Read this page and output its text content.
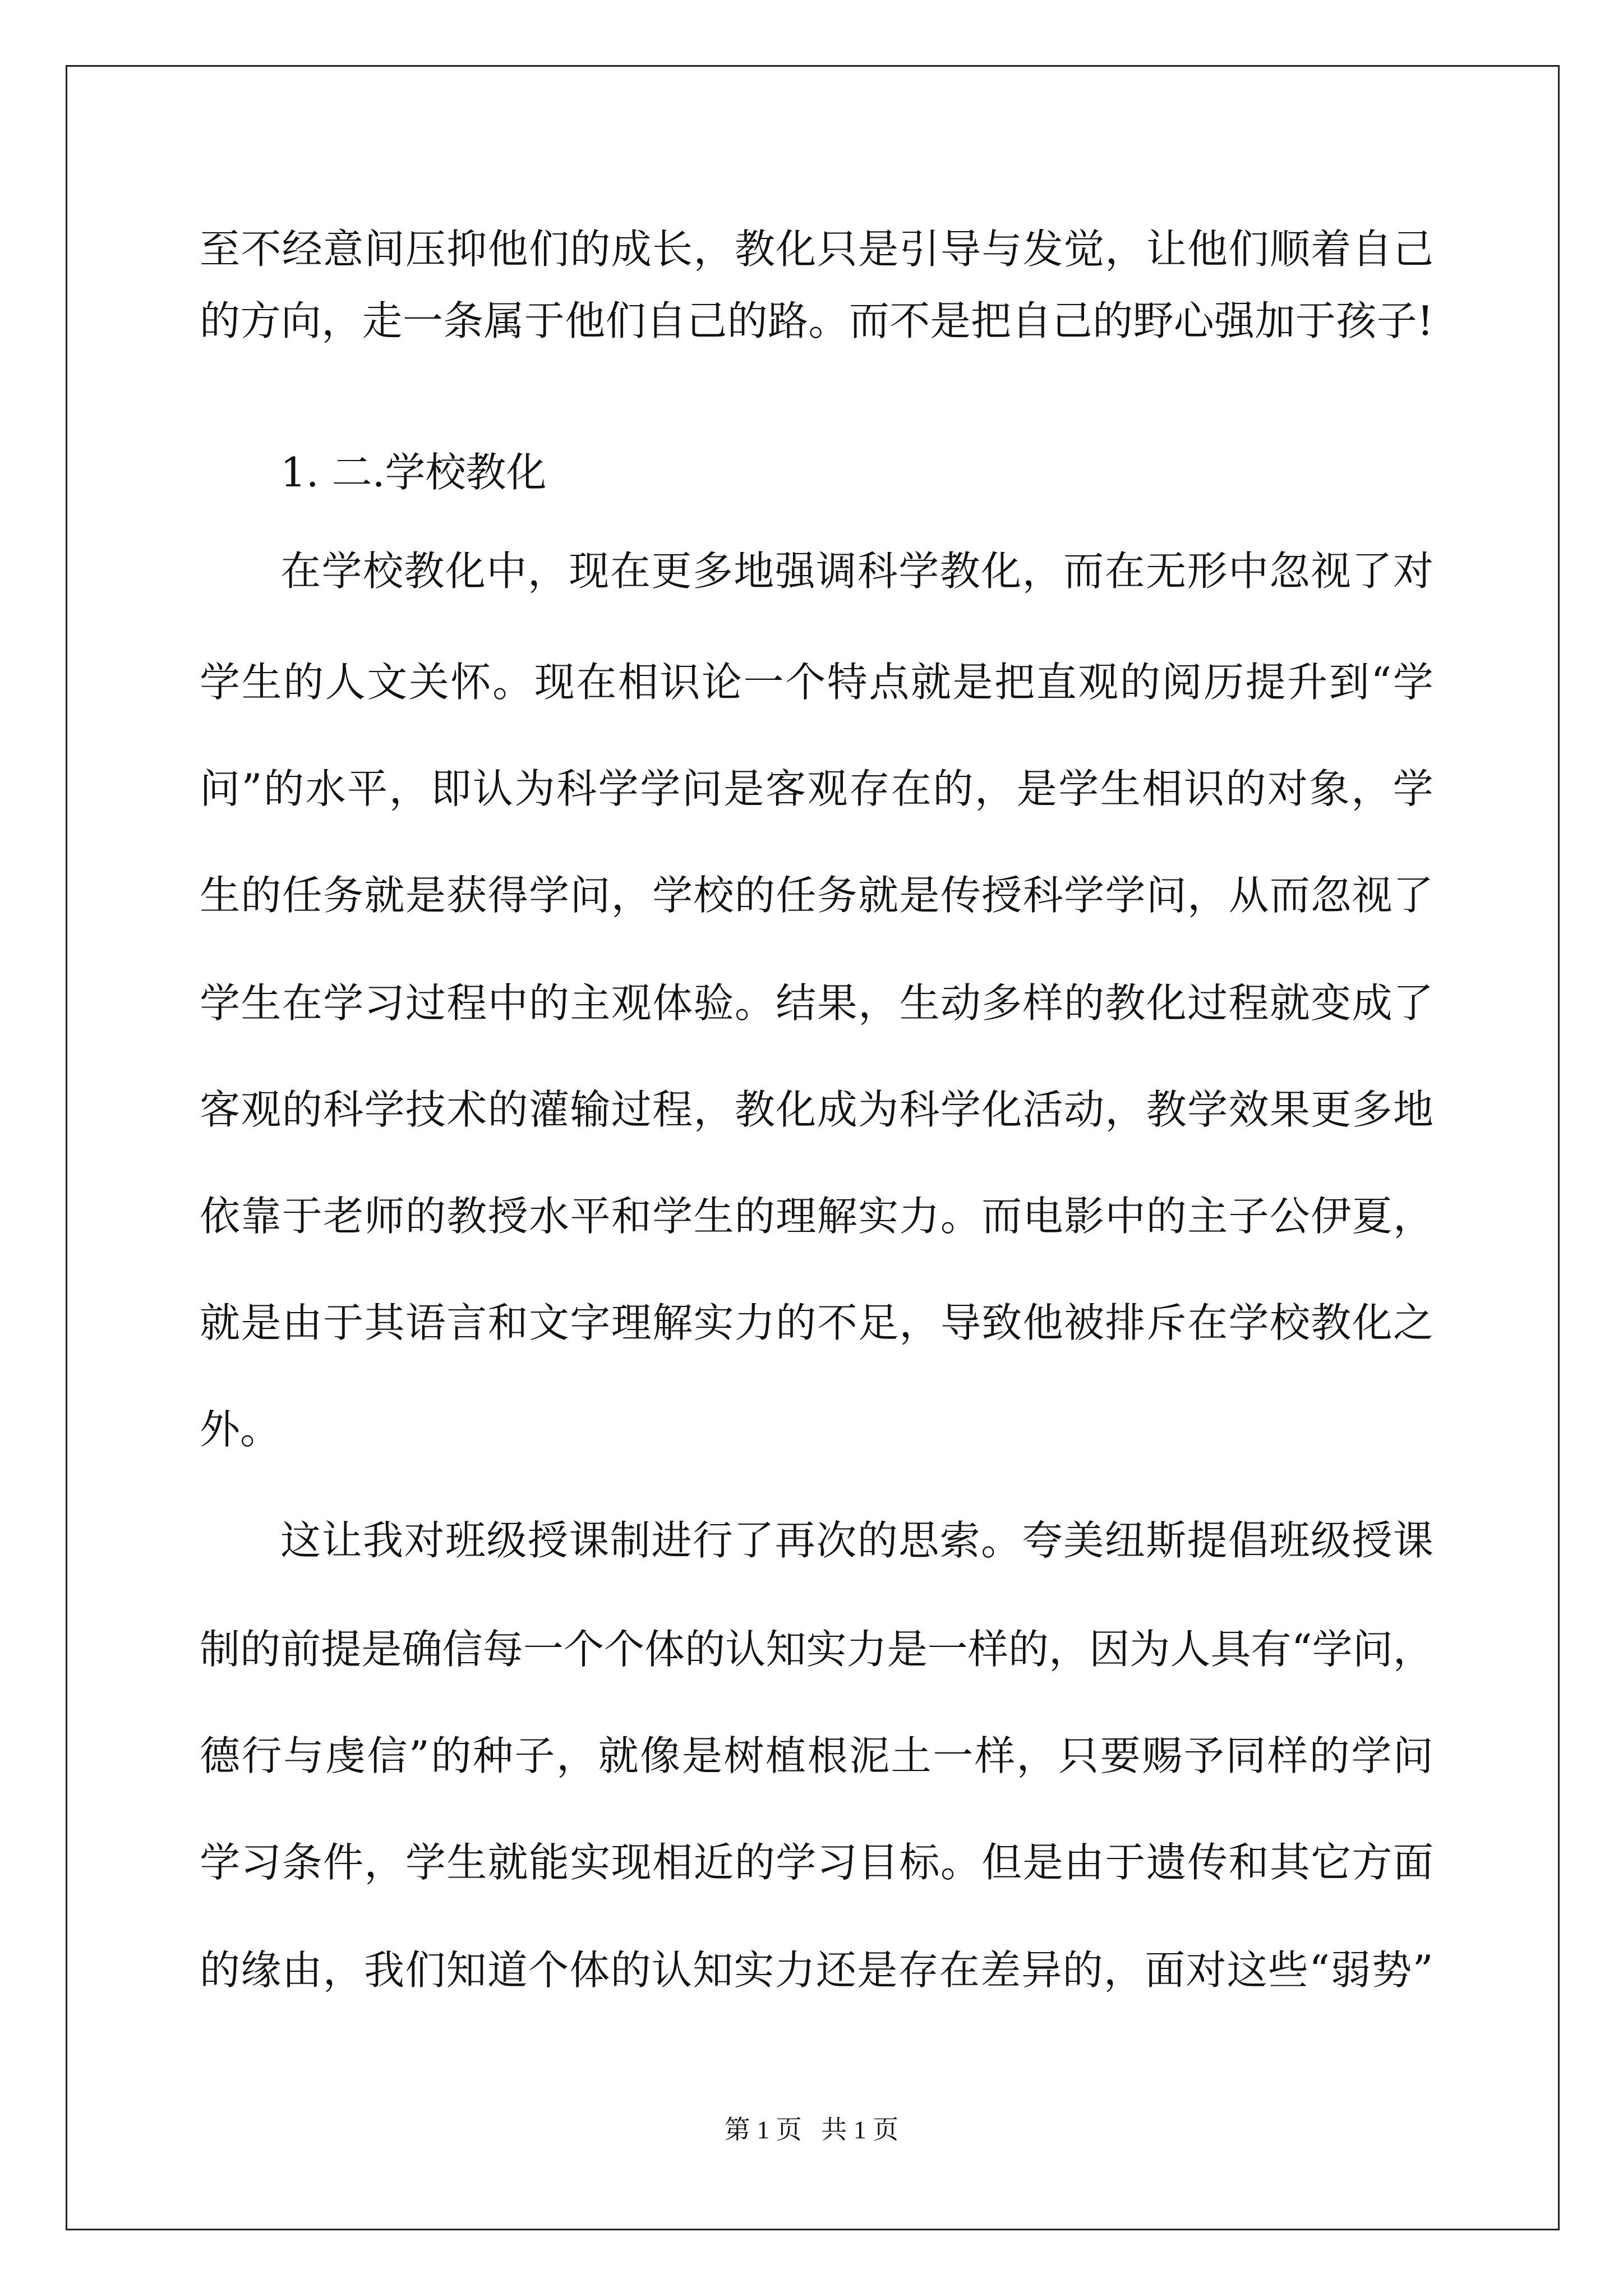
至不经意间压抑他们的成长，教化只是引导与发觉，让他们顺着自己
的方向，走一条属于他们自己的路。而不是把自己的野心强加于孩子!
1. 二.学校教化
在学校教化中，现在更多地强调科学教化，而在无形中忽视了对
学生的人文关怀。现在相识论一个特点就是把直观的阅历提升到“学
问”的水平，即认为科学学问是客观存在的，是学生相识的对象，学
生的任务就是获得学问，学校的任务就是传授科学学问，从而忽视了
学生在学习过程中的主观体验。结果，生动多样的教化过程就变成了
客观的科学技术的灌输过程，教化成为科学化活动，教学效果更多地
依靠于老师的教授水平和学生的理解实力。而电影中的主子公伊夏，
就是由于其语言和文字理解实力的不足，导致他被排斥在学校教化之
外。
这让我对班级授课制进行了再次的思索。夸美纽斯提倡班级授课
制的前提是确信每一个个体的认知实力是一样的，因为人具有“学问，
德行与虔信”的种子，就像是树植根泥土一样，只要赐予同样的学问
学习条件，学生就能实现相近的学习目标。但是由于遗传和其它方面
的缘由，我们知道个体的认知实力还是存在差异的，面对这些“弱势”
第 1 页   共 1 页
